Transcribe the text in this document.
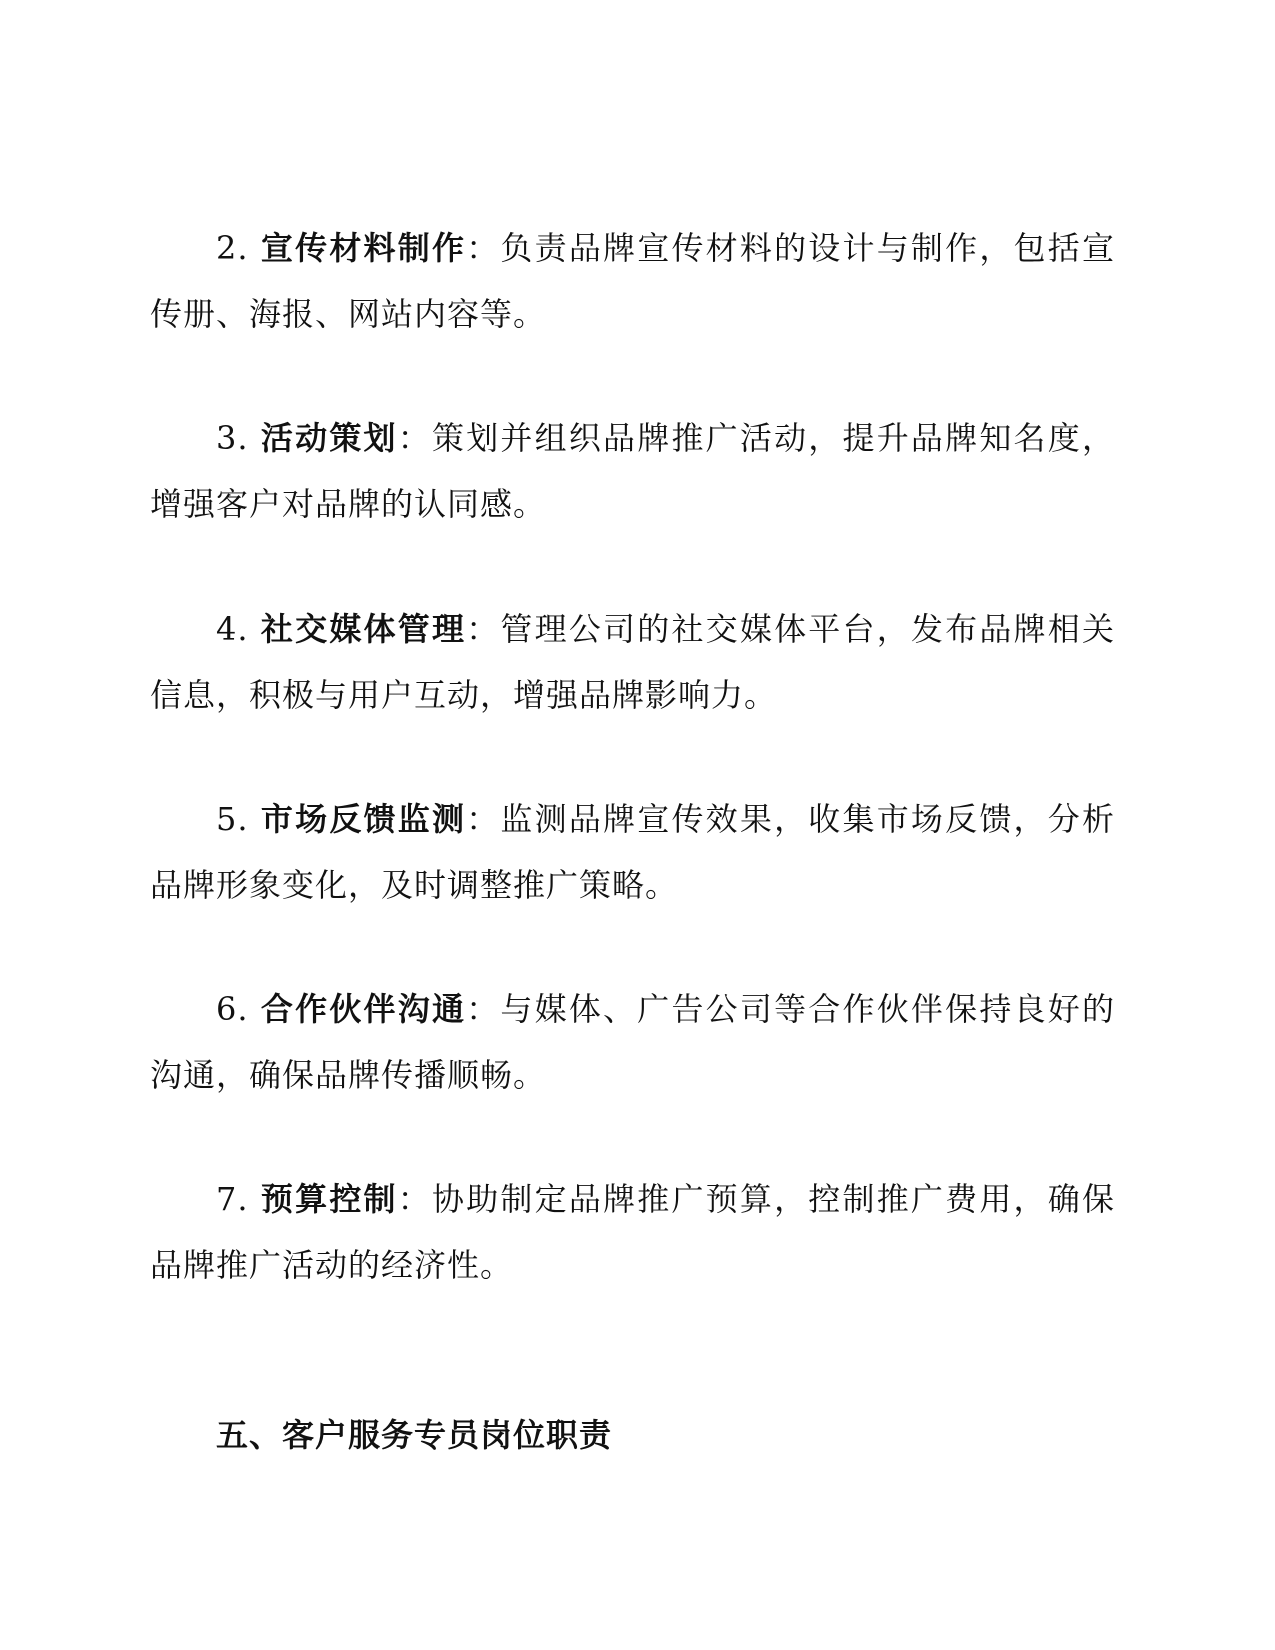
2. 宣传材料制作：负责品牌宣传材料的设计与制作，包括宣传册、海报、网站内容等。

3. 活动策划：策划并组织品牌推广活动，提升品牌知名度，增强客户对品牌的认同感。

4. 社交媒体管理：管理公司的社交媒体平台，发布品牌相关信息，积极与用户互动，增强品牌影响力。

5. 市场反馈监测：监测品牌宣传效果，收集市场反馈，分析品牌形象变化，及时调整推广策略。

6. 合作伙伴沟通：与媒体、广告公司等合作伙伴保持良好的沟通，确保品牌传播顺畅。

7. 预算控制：协助制定品牌推广预算，控制推广费用，确保品牌推广活动的经济性。

五、客户服务专员岗位职责
